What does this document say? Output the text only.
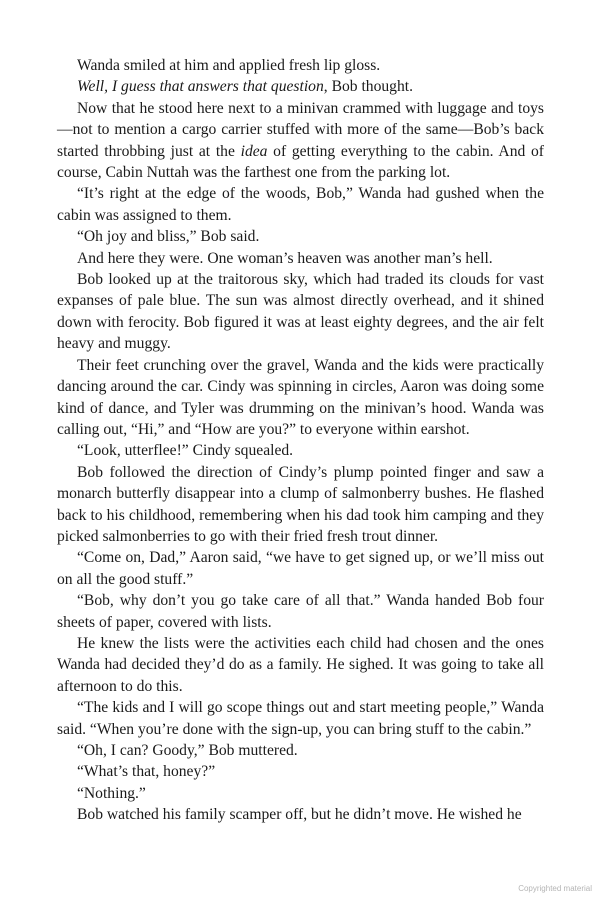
Wanda smiled at him and applied fresh lip gloss.

Well, I guess that answers that question, Bob thought.

Now that he stood here next to a minivan crammed with luggage and toys—not to mention a cargo carrier stuffed with more of the same—Bob’s back started throbbing just at the idea of getting everything to the cabin. And of course, Cabin Nuttah was the farthest one from the parking lot.

“It’s right at the edge of the woods, Bob,” Wanda had gushed when the cabin was assigned to them.

“Oh joy and bliss,” Bob said.

And here they were. One woman’s heaven was another man’s hell.

Bob looked up at the traitorous sky, which had traded its clouds for vast expanses of pale blue. The sun was almost directly overhead, and it shined down with ferocity. Bob figured it was at least eighty degrees, and the air felt heavy and muggy.

Their feet crunching over the gravel, Wanda and the kids were practically dancing around the car. Cindy was spinning in circles, Aaron was doing some kind of dance, and Tyler was drumming on the minivan’s hood. Wanda was calling out, “Hi,” and “How are you?” to everyone within earshot.

“Look, utterflee!” Cindy squealed.

Bob followed the direction of Cindy’s plump pointed finger and saw a monarch butterfly disappear into a clump of salmonberry bushes. He flashed back to his childhood, remembering when his dad took him camping and they picked salmonberries to go with their fried fresh trout dinner.

“Come on, Dad,” Aaron said, “we have to get signed up, or we’ll miss out on all the good stuff.”

“Bob, why don’t you go take care of all that.” Wanda handed Bob four sheets of paper, covered with lists.

He knew the lists were the activities each child had chosen and the ones Wanda had decided they’d do as a family. He sighed. It was going to take all afternoon to do this.

“The kids and I will go scope things out and start meeting people,” Wanda said. “When you’re done with the sign-up, you can bring stuff to the cabin.”

“Oh, I can? Goody,” Bob muttered.

“What’s that, honey?”

“Nothing.”

Bob watched his family scamper off, but he didn’t move. He wished he

Copyrighted material
